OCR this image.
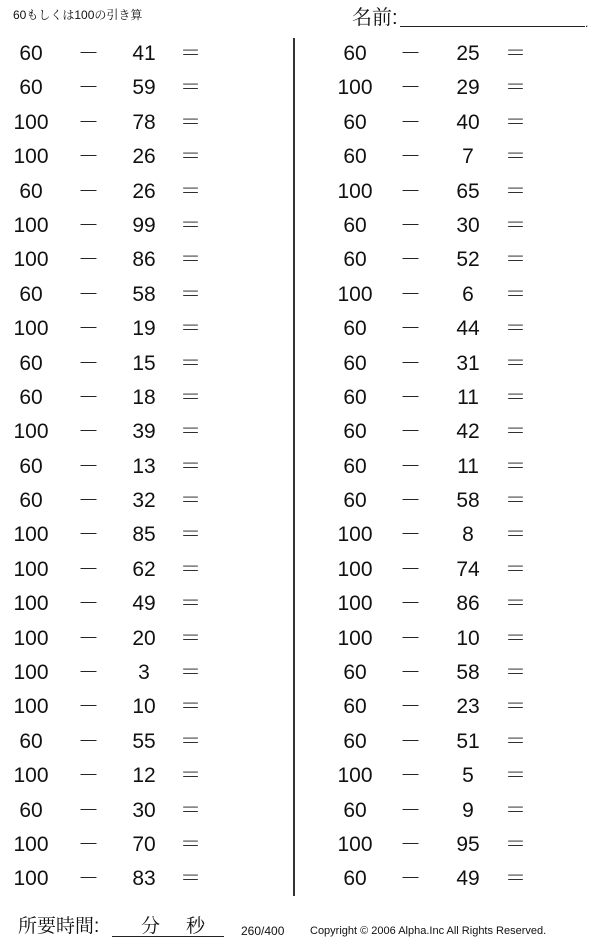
60もしくは100の引き算	名前:	.
60	－	41	＝
60	－	59	＝
100	－	78	＝
100	－	26	＝
60	－	26	＝
100	－	99	＝
100	－	86	＝
60	－	58	＝
100	－	19	＝
60	－	15	＝
60	－	18	＝
100	－	39	＝
60	－	13	＝
60	－	32	＝
100	－	85	＝
100	－	62	＝
100	－	49	＝
100	－	20	＝
100	－	3	＝
100	－	10	＝
60	－	55	＝
100	－	12	＝
60	－	30	＝
100	－	70	＝
100	－	83	＝
60	－	25	＝
100	－	29	＝
60	－	40	＝
60	－	7	＝
100	－	65	＝
60	－	30	＝
60	－	52	＝
100	－	6	＝
60	－	44	＝
60	－	31	＝
60	－	11	＝
60	－	42	＝
60	－	11	＝
60	－	58	＝
100	－	8	＝
100	－	74	＝
100	－	86	＝
100	－	10	＝
60	－	58	＝
60	－	23	＝
60	－	51	＝
100	－	5	＝
60	－	9	＝
100	－	95	＝
60	－	49	＝
所要時間: 分 秒	260/400 Copyright © 2006 Alpha.Inc All Rights Reserved.
